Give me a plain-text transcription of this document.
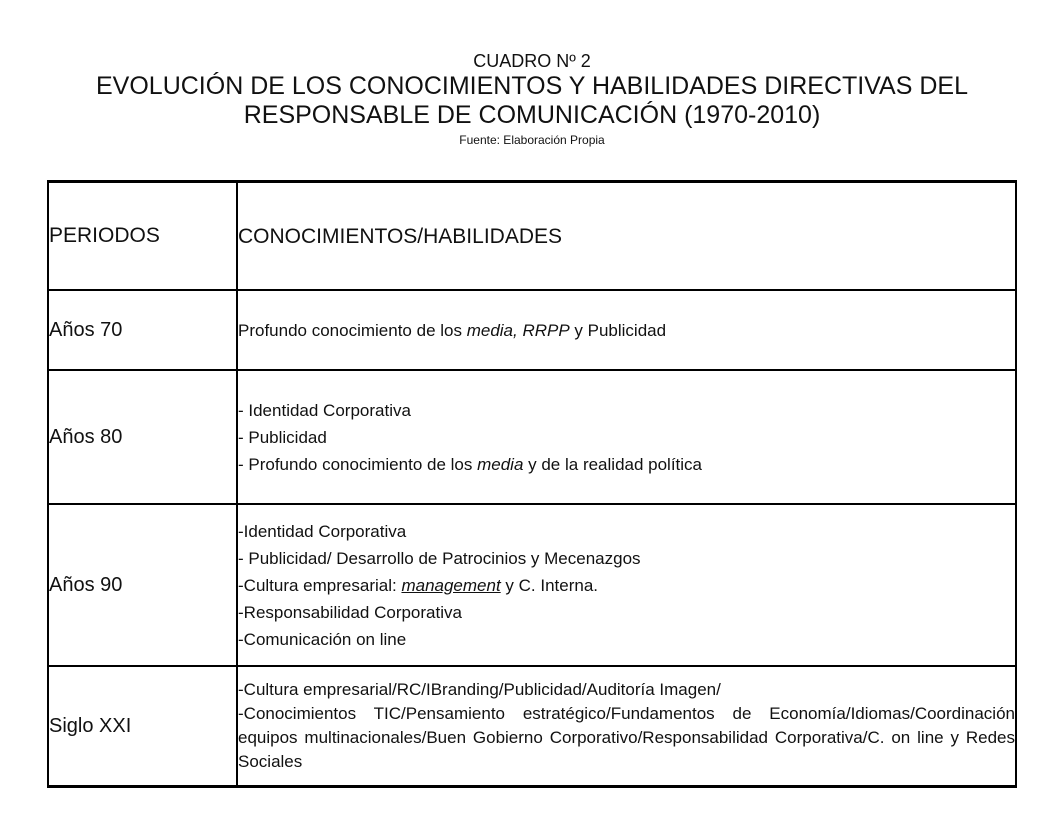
CUADRO Nº 2
EVOLUCIÓN DE LOS CONOCIMIENTOS Y HABILIDADES DIRECTIVAS DEL
RESPONSABLE DE COMUNICACIÓN (1970-2010)
Fuente: Elaboración Propia
PERIODOS	CONOCIMIENTOS/HABILIDADES
Años 70	Profundo conocimiento de los media, RRPP y Publicidad
Años 80	- Identidad Corporativa
- Publicidad
- Profundo conocimiento de los media y de la realidad política

Años 90	-Identidad Corporativa
- Publicidad/ Desarrollo de Patrocinios y Mecenazgos
-Cultura empresarial: management y C. Interna.
-Responsabilidad Corporativa
-Comunicación on line

Siglo XXI	-Cultura empresarial/RC/IBranding/Publicidad/Auditoría Imagen/
-Conocimientos TIC/Pensamiento estratégico/Fundamentos de Economía/Idiomas/Coordinación equipos multinacionales/Buen Gobierno Corporativo/Responsabilidad Corporativa/C. on line y Redes Sociales
